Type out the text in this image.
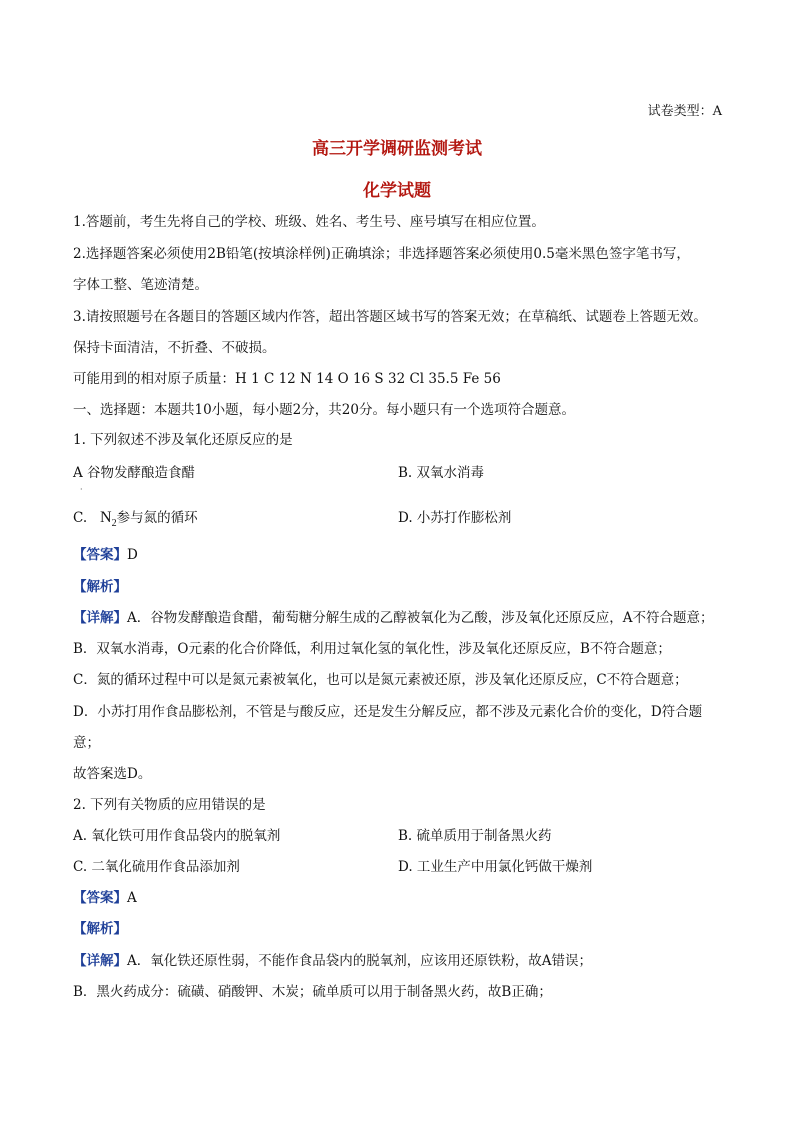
试卷类型：A
高三开学调研监测考试
化学试题
1.答题前，考生先将自己的学校、班级、姓名、考生号、座号填写在相应位置。
2.选择题答案必须使用2B铅笔(按填涂样例)正确填涂；非选择题答案必须使用0.5毫米黑色签字笔书写，
字体工整、笔迹清楚。
3.请按照题号在各题目的答题区域内作答，超出答题区域书写的答案无效；在草稿纸、试题卷上答题无效。
保持卡面清洁，不折叠、不破损。
可能用到的相对原子质量：H 1 C 12 N 14 O 16 S 32 Cl 35.5 Fe 56
一、选择题：本题共10小题，每小题2分，共20分。每小题只有一个选项符合题意。
1. 下列叙述不涉及氧化还原反应的是
A 谷物发酵酿造食醋	B. 双氧水消毒
·
C. $N_2$参与氮的循环	D. 小苏打作膨松剂
【答案】D
【解析】
【详解】A．谷物发酵酿造食醋，葡萄糖分解生成的乙醇被氧化为乙酸，涉及氧化还原反应，A不符合题意；
B．双氧水消毒，O元素的化合价降低，利用过氧化氢的氧化性，涉及氧化还原反应，B不符合题意；
C．氮的循环过程中可以是氮元素被氧化，也可以是氮元素被还原，涉及氧化还原反应，C不符合题意；
D．小苏打用作食品膨松剂，不管是与酸反应，还是发生分解反应，都不涉及元素化合价的变化，D符合题
意；
故答案选D。
2. 下列有关物质的应用错误的是
A. 氧化铁可用作食品袋内的脱氧剂	B. 硫单质用于制备黑火药
C. 二氧化硫用作食品添加剂	D. 工业生产中用氯化钙做干燥剂
【答案】A
【解析】
【详解】A．氧化铁还原性弱，不能作食品袋内的脱氧剂，应该用还原铁粉，故A错误；
B．黑火药成分：硫磺、硝酸钾、木炭；硫单质可以用于制备黑火药，故B正确；
